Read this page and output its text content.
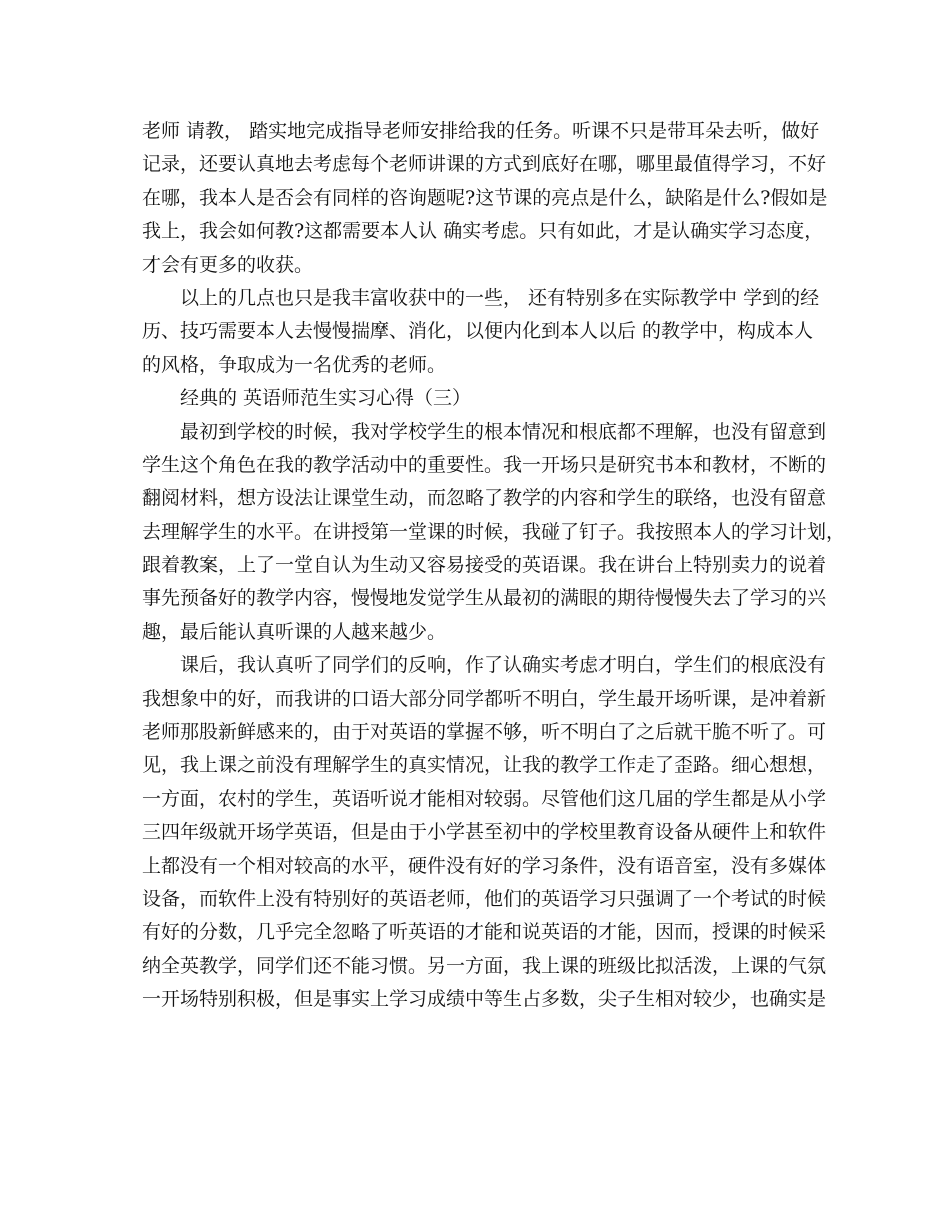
老师 请教， 踏实地完成指导老师安排给我的任务。听课不只是带耳朵去听，做好
记录，还要认真地去考虑每个老师讲课的方式到底好在哪，哪里最值得学习，不好
在哪，我本人是否会有同样的咨询题呢?这节课的亮点是什么，缺陷是什么?假如是
我上，我会如何教?这都需要本人认 确实考虑。只有如此，才是认确实学习态度，
才会有更多的收获。
以上的几点也只是我丰富收获中的一些， 还有特别多在实际教学中 学到的经
历、技巧需要本人去慢慢揣摩、消化，以便内化到本人以后 的教学中，构成本人
的风格，争取成为一名优秀的老师。
经典的 英语师范生实习心得（三）
最初到学校的时候，我对学校学生的根本情况和根底都不理解，也没有留意到
学生这个角色在我的教学活动中的重要性。我一开场只是研究书本和教材，不断的
翻阅材料，想方设法让课堂生动，而忽略了教学的内容和学生的联络，也没有留意
去理解学生的水平。在讲授第一堂课的时候，我碰了钉子。我按照本人的学习计划，
跟着教案，上了一堂自认为生动又容易接受的英语课。我在讲台上特别卖力的说着
事先预备好的教学内容，慢慢地发觉学生从最初的满眼的期待慢慢失去了学习的兴
趣，最后能认真听课的人越来越少。
课后，我认真听了同学们的反响，作了认确实考虑才明白，学生们的根底没有
我想象中的好，而我讲的口语大部分同学都听不明白，学生最开场听课，是冲着新
老师那股新鲜感来的，由于对英语的掌握不够，听不明白了之后就干脆不听了。可
见，我上课之前没有理解学生的真实情况，让我的教学工作走了歪路。细心想想，
一方面，农村的学生，英语听说才能相对较弱。尽管他们这几届的学生都是从小学
三四年级就开场学英语，但是由于小学甚至初中的学校里教育设备从硬件上和软件
上都没有一个相对较高的水平，硬件没有好的学习条件，没有语音室，没有多媒体
设备，而软件上没有特别好的英语老师，他们的英语学习只强调了一个考试的时候
有好的分数，几乎完全忽略了听英语的才能和说英语的才能，因而，授课的时候采
纳全英教学，同学们还不能习惯。另一方面，我上课的班级比拟活泼，上课的气氛
一开场特别积极，但是事实上学习成绩中等生占多数，尖子生相对较少，也确实是
